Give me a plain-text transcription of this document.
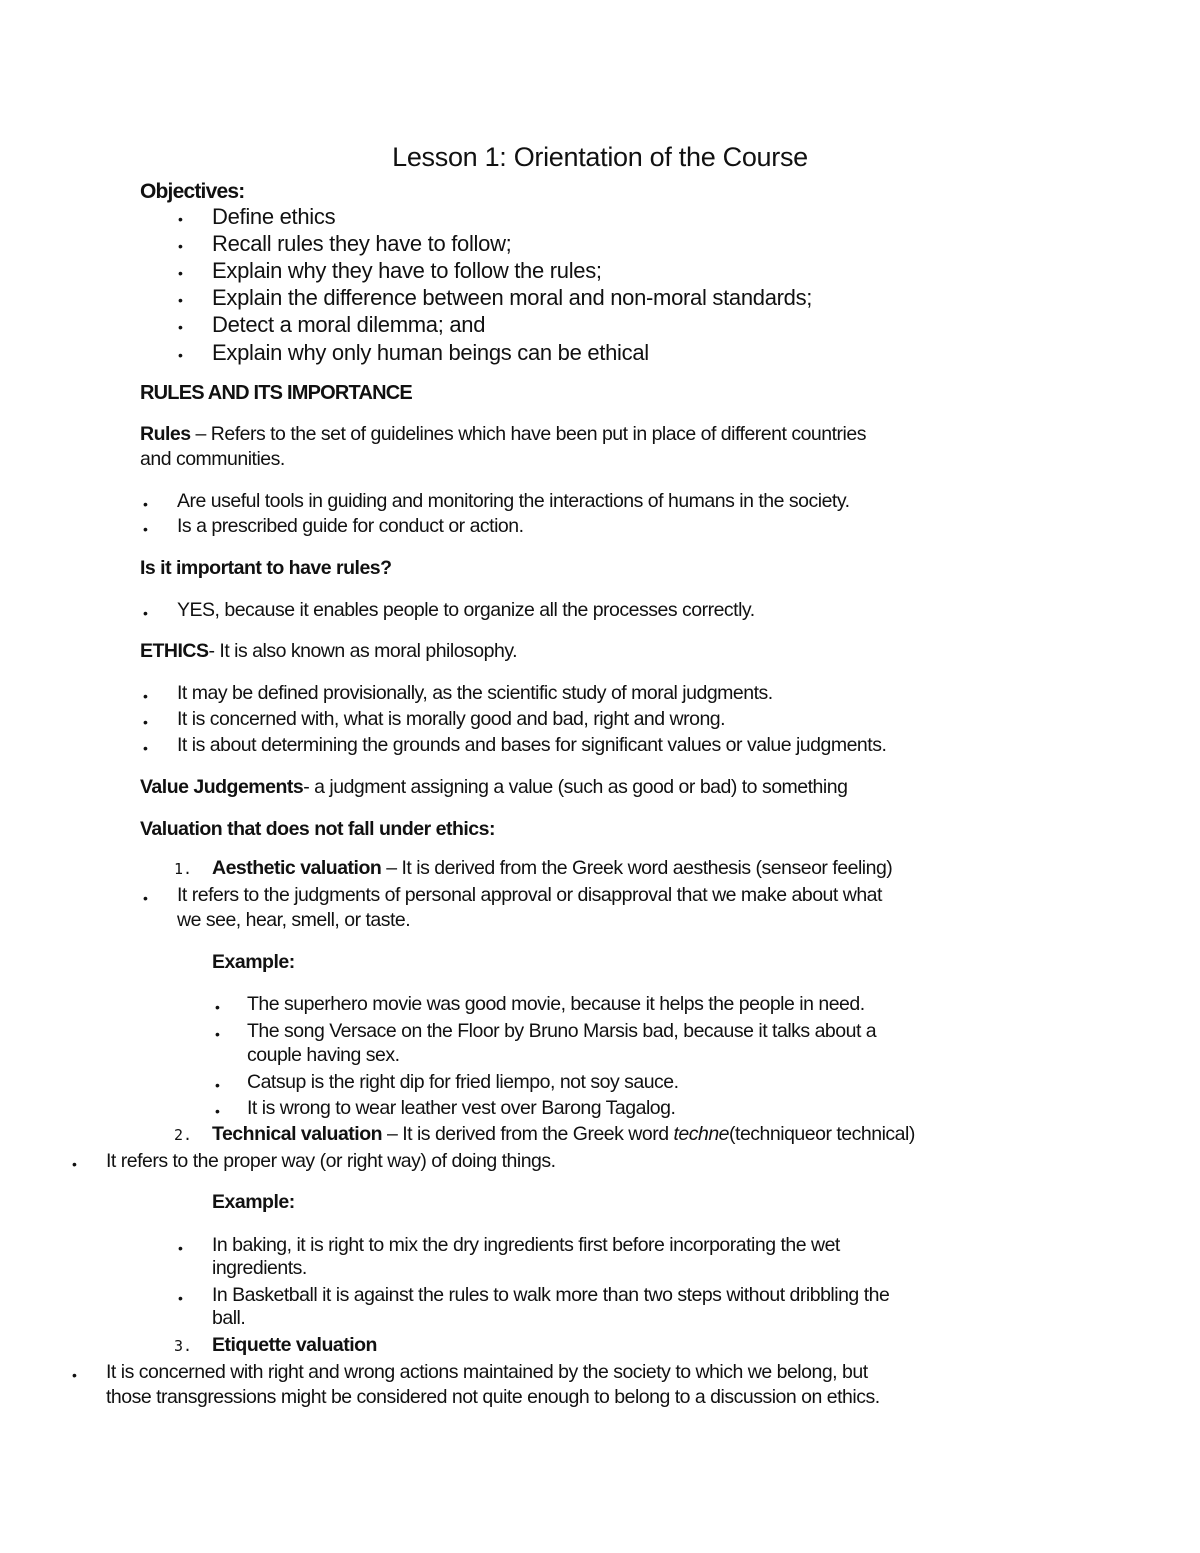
Lesson 1: Orientation of the Course
Objectives:
• Define ethics
• Recall rules they have to follow;
• Explain why they have to follow the rules;
• Explain the difference between moral and non-moral standards;
• Detect a moral dilemma; and
• Explain why only human beings can be ethical
RULES AND ITS IMPORTANCE
Rules – Refers to the set of guidelines which have been put in place of different countries
and communities.
• Are useful tools in guiding and monitoring the interactions of humans in the society.
• Is a prescribed guide for conduct or action.
Is it important to have rules?
• YES, because it enables people to organize all the processes correctly.
ETHICS- It is also known as moral philosophy.
• It may be defined provisionally, as the scientific study of moral judgments.
• It is concerned with, what is morally good and bad, right and wrong.
• It is about determining the grounds and bases for significant values or value judgments.
Value Judgements- a judgment assigning a value (such as good or bad) to something
Valuation that does not fall under ethics:
1. Aesthetic valuation – It is derived from the Greek word aesthesis (senseor feeling)
• It refers to the judgments of personal approval or disapproval that we make about what
we see, hear, smell, or taste.
Example:
• The superhero movie was good movie, because it helps the people in need.
• The song Versace on the Floor by Bruno Marsis bad, because it talks about a
couple having sex.
• Catsup is the right dip for fried liempo, not soy sauce.
• It is wrong to wear leather vest over Barong Tagalog.
2. Technical valuation – It is derived from the Greek word techne(techniqueor technical)
• It refers to the proper way (or right way) of doing things.
Example:
• In baking, it is right to mix the dry ingredients first before incorporating the wet
ingredients.
• In Basketball it is against the rules to walk more than two steps without dribbling the
ball.
3. Etiquette valuation
• It is concerned with right and wrong actions maintained by the society to which we belong, but
those transgressions might be considered not quite enough to belong to a discussion on ethics.
